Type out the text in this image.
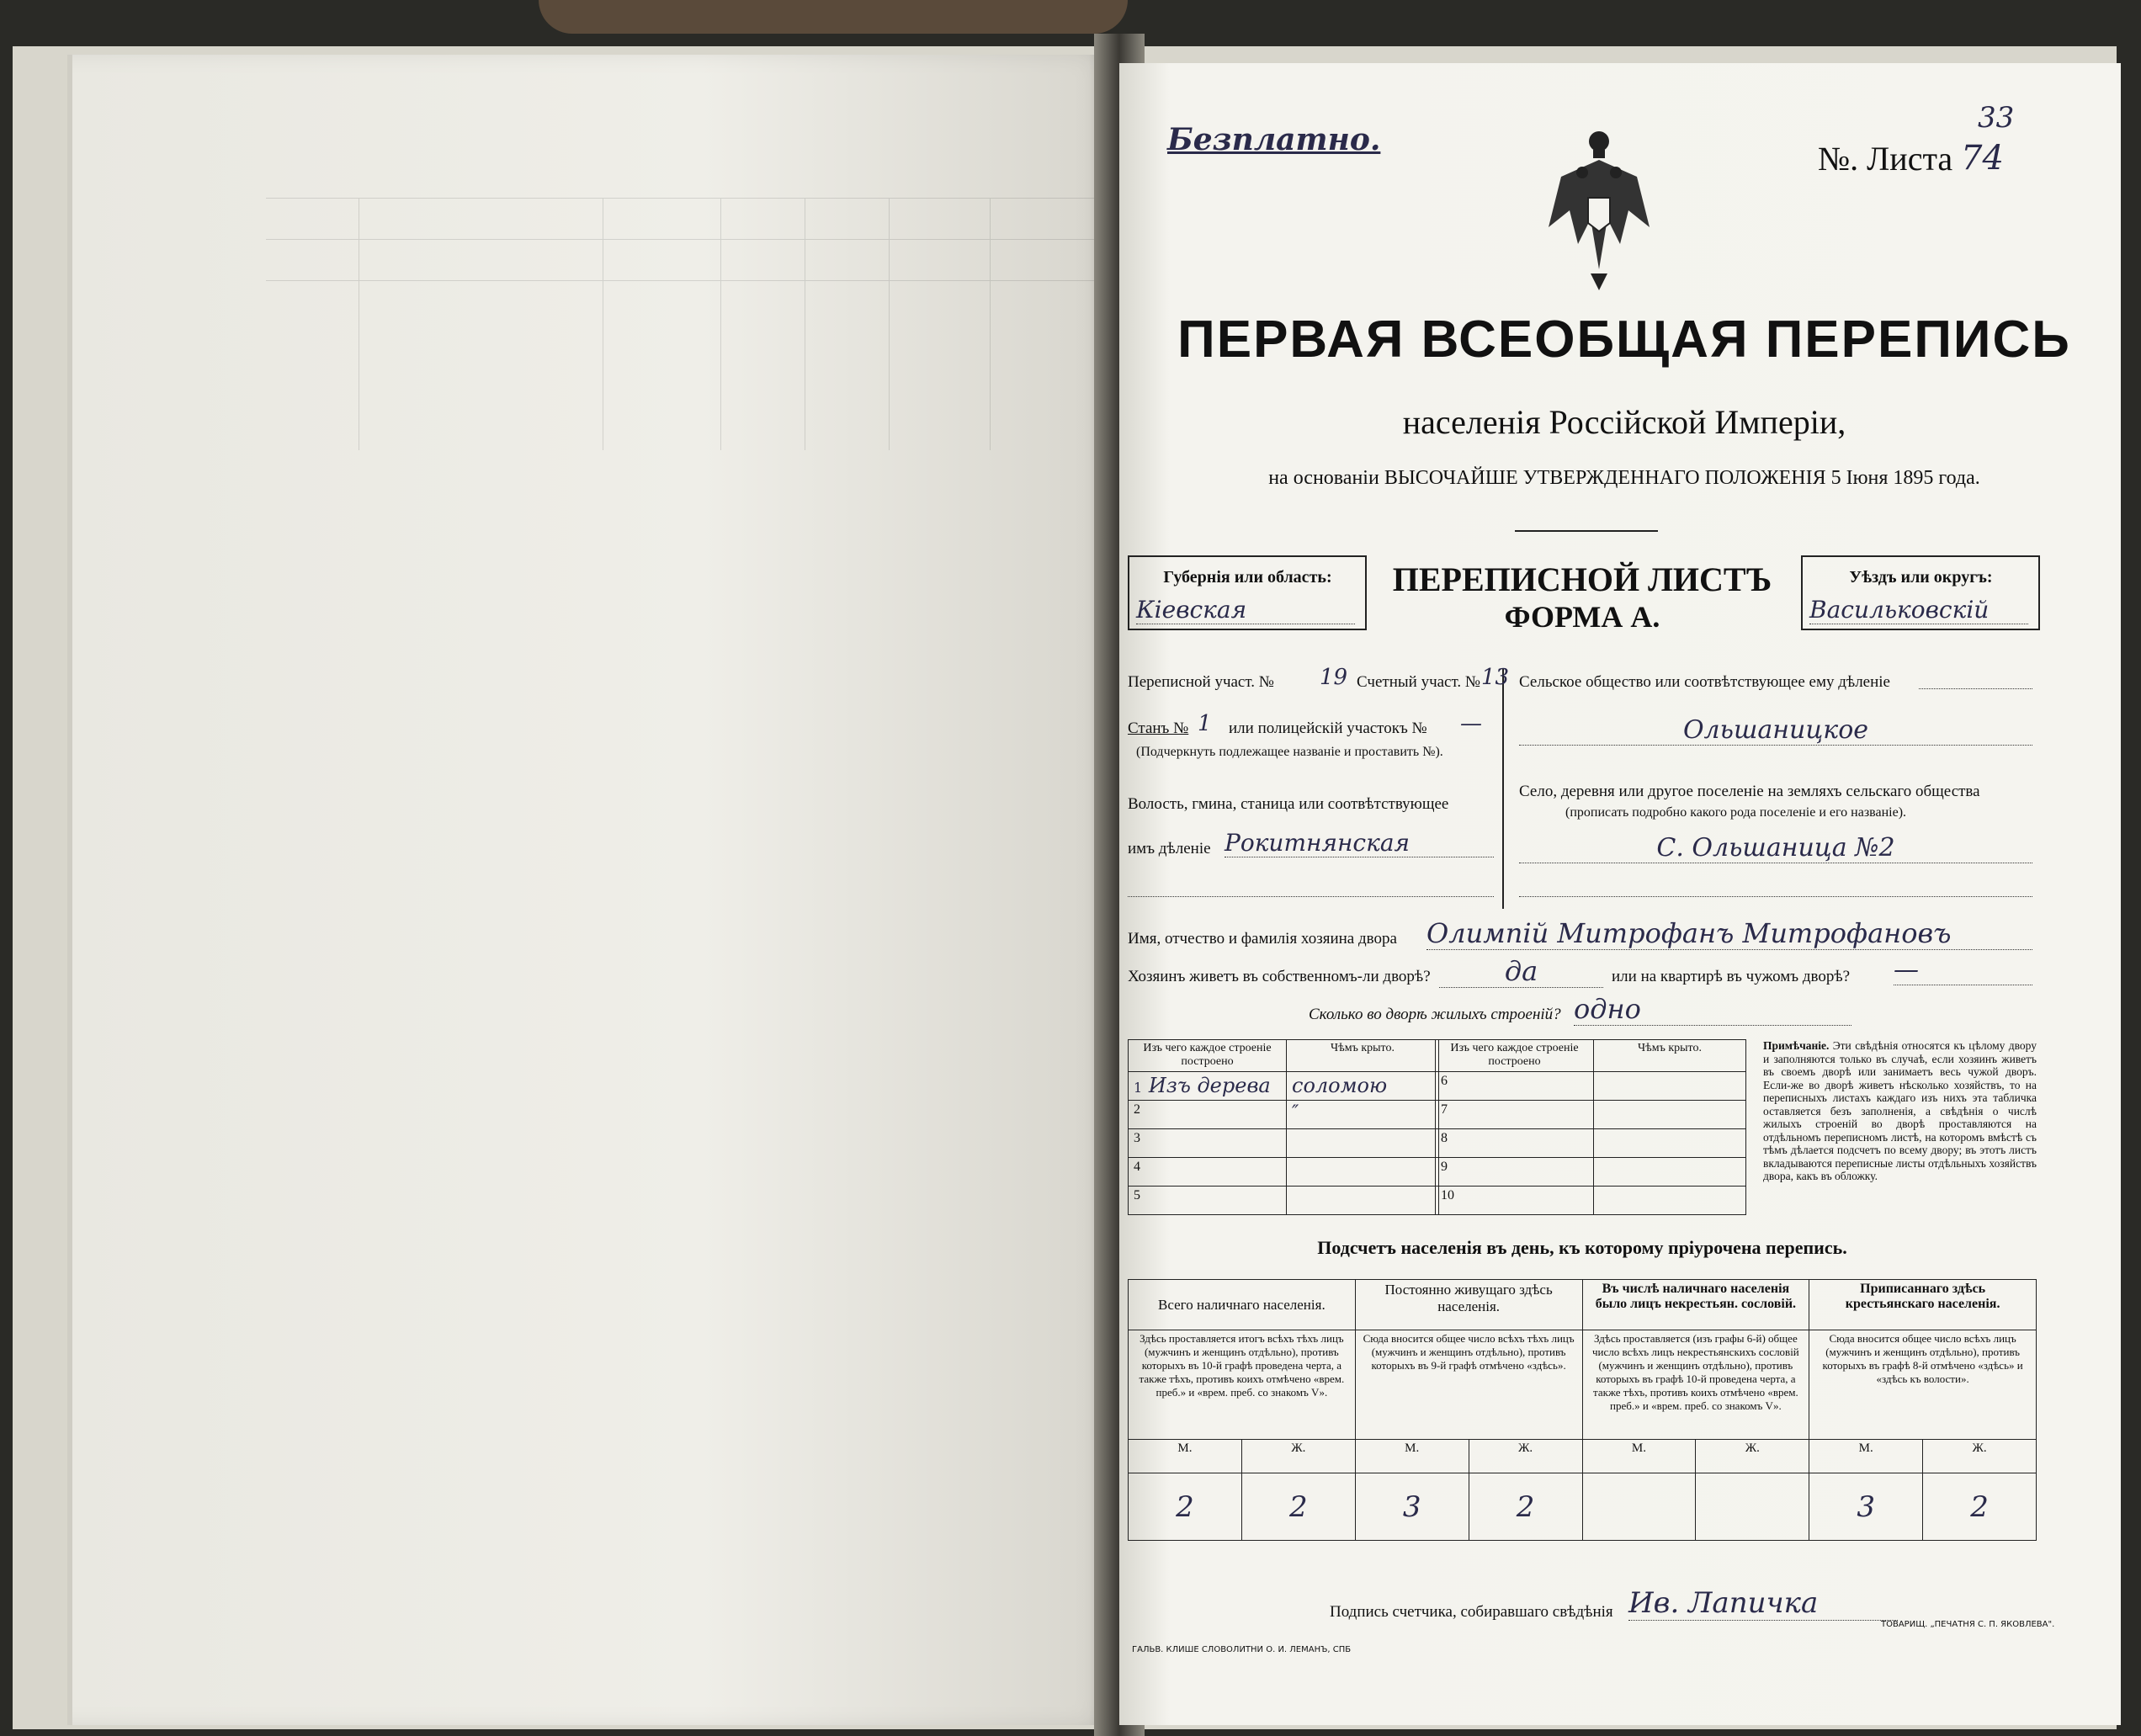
Безплатно.	№. Листа 74
33
ПЕРВАЯ ВСЕОБЩАЯ ПЕРЕПИСЬ
населенія Россійской Имперіи,
на основаніи ВЫСОЧАЙШЕ УТВЕРЖДЕННАГО ПОЛОЖЕНІЯ 5 Іюня 1895 года.
Губернія или область:
Кіевская
ПЕРЕПИСНОЙ ЛИСТЪ
ФОРМА А.
Уѣздъ или округъ:
Васильковскій
Переписной участ. № 19 Счетный участ. № 13
Станъ № 1 или полицейскій участокъ № —
(Подчеркнуть подлежащее названіе и проставить №).
Волость, гмина, станица или соотвѣтствующее
имъ дѣленіе Рокитнянская
Сельское общество или соотвѣтствующее ему дѣленіе
Ольшаницкое
Село, деревня или другое поселеніе на земляхъ сельскаго общества
(прописать подробно какого рода поселеніе и его названіе).
С. Ольшаница №2
Имя, отчество и фамилія хозяина двора Олимпій Митрофанъ Митрофановъ
Хозяинъ живетъ въ собственномъ-ли дворѣ?	да	или на квартирѣ въ чужомъ дворѣ? —
Сколько во дворѣ жилыхъ строеній? одно
Изъ чего каждое строеніе построено	Чѣмъ крыто.
1 Изъ дерева	соломою
2	″
3	
4	
5	
Изъ чего каждое строеніе построено	Чѣмъ крыто.
6	
7	
8	
9	
10	
Примѣчаніе. Эти свѣдѣнія относятся къ цѣлому двору и заполняются только въ случаѣ, если хозяинъ живетъ въ своемъ дворѣ или занимаетъ весь чужой дворъ. Если-же во дворѣ живетъ нѣсколько хозяйствъ, то на переписныхъ листахъ каждаго изъ нихъ эта табличка оставляется безъ заполненія, а свѣдѣнія о числѣ жилыхъ строеній во дворѣ проставляются на отдѣльномъ переписномъ листѣ, на которомъ вмѣстѣ съ тѣмъ дѣлается подсчетъ по всему двору; въ этотъ листъ вкладываются переписные листы отдѣльныхъ хозяйствъ двора, какъ въ обложку.
Подсчетъ населенія въ день, къ которому пріурочена перепись.
Всего наличнаго населенія.		Постоянно живущаго здѣсь населенія.		Въ числѣ наличнаго населенія было лицъ некрестьян. сословій.		Приписаннаго здѣсь крестьянскаго населенія.	
Здѣсь проставляется итогъ всѣхъ тѣхъ лицъ (мужчинъ и женщинъ отдѣльно), противъ которыхъ въ 10-й графѣ проведена черта, а также тѣхъ, противъ коихъ отмѣчено «врем. преб.» и «врем. преб. со знакомъ V».		Сюда вносится общее число всѣхъ тѣхъ лицъ (мужчинъ и женщинъ отдѣльно), противъ которыхъ въ 9-й графѣ отмѣчено «здѣсь».		Здѣсь проставляется (изъ графы 6-й) общее число всѣхъ лицъ некрестьянскихъ сословій (мужчинъ и женщинъ отдѣльно), противъ которыхъ въ графѣ 10-й проведена черта, а также тѣхъ, противъ коихъ отмѣчено «врем. преб.» и «врем. преб. со знакомъ V».		Сюда вносится общее число всѣхъ лицъ (мужчинъ и женщинъ отдѣльно), противъ которыхъ въ графѣ 8-й отмѣчено «здѣсь» и «здѣсь къ волости».	
М.	Ж.	М.	Ж.	М.	Ж.	М.	Ж.
2	2	3	2			3	2
Подпись счетчика, собиравшаго свѣдѣнія Ив. Лапичка
ГАЛЬВ. КЛИШЕ СЛОВОЛИТНИ О. И. ЛЕМАНЪ, СПБ
ТОВАРИЩ. „ПЕЧАТНЯ С. П. ЯКОВЛЕВА".
